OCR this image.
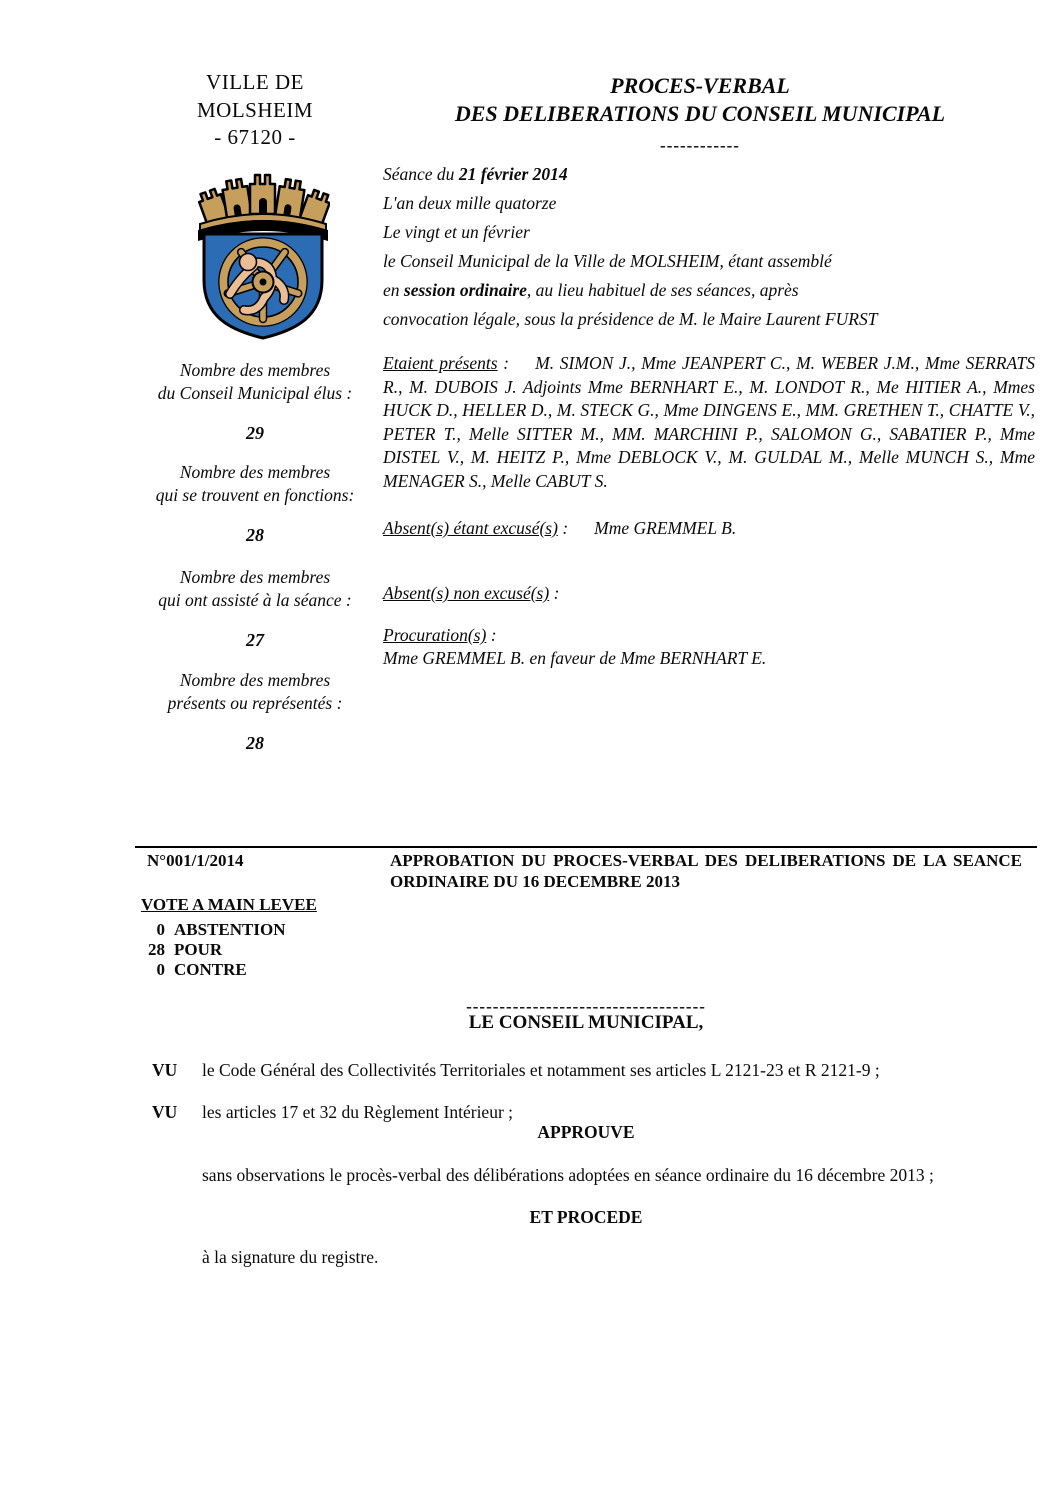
VILLE DE
MOLSHEIM
- 67120 -
PROCES-VERBAL
DES DELIBERATIONS DU CONSEIL MUNICIPAL
------------
Séance du 21 février 2014
L'an deux mille quatorze
Le vingt et un février
le Conseil Municipal de la Ville de MOLSHEIM, étant assemblé
en session ordinaire, au lieu habituel de ses séances, après
convocation légale, sous la présidence de M. le Maire Laurent FURST
Etaient présents : M. SIMON J., Mme JEANPERT C., M. WEBER J.M., Mme SERRATS R., M. DUBOIS J. Adjoints Mme BERNHART E., M. LONDOT R., Me HITIER A., Mmes HUCK D., HELLER D., M. STECK G., Mme DINGENS E., MM. GRETHEN T., CHATTE V., PETER T., Melle SITTER M., MM. MARCHINI P., SALOMON G., SABATIER P., Mme DISTEL V., M. HEITZ P., Mme DEBLOCK V., M. GULDAL M., Melle MUNCH S., Mme MENAGER S., Melle CABUT S.
Absent(s) étant excusé(s) : Mme GREMMEL B.
Absent(s) non excusé(s) :
Procuration(s) :
Mme GREMMEL B. en faveur de Mme BERNHART E.
Nombre des membres
du Conseil Municipal élus :
29
Nombre des membres
qui se trouvent en fonctions:
28
Nombre des membres
qui ont assisté à la séance :
27
Nombre des membres
présents ou représentés :
28
N°001/1/2014	APPROBATION DU PROCES-VERBAL DES DELIBERATIONS DE LA SEANCE ORDINAIRE DU 16 DECEMBRE 2013
VOTE A MAIN LEVEE
0 ABSTENTION
28 POUR
0 CONTRE
------------------------------------
LE CONSEIL MUNICIPAL,
VU le Code Général des Collectivités Territoriales et notamment ses articles L 2121-23 et R 2121-9 ;
VU les articles 17 et 32 du Règlement Intérieur ;
APPROUVE
sans observations le procès-verbal des délibérations adoptées en séance ordinaire du 16 décembre 2013 ;
ET PROCEDE
à la signature du registre.
